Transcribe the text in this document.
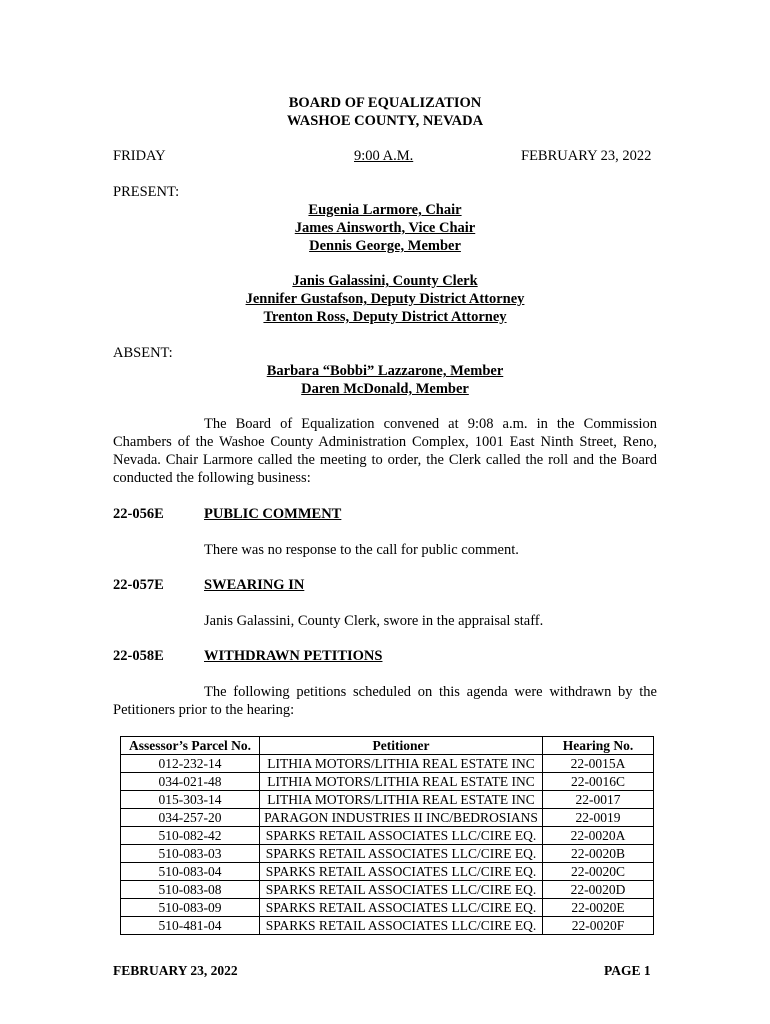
BOARD OF EQUALIZATION
WASHOE COUNTY, NEVADA
FRIDAY	9:00 A.M.	FEBRUARY 23, 2022
PRESENT:
Eugenia Larmore, Chair
James Ainsworth, Vice Chair
Dennis George, Member
Janis Galassini, County Clerk
Jennifer Gustafson, Deputy District Attorney
Trenton Ross, Deputy District Attorney
ABSENT:
Barbara “Bobbi” Lazzarone, Member
Daren McDonald, Member
The Board of Equalization convened at 9:08 a.m. in the Commission Chambers of the Washoe County Administration Complex, 1001 East Ninth Street, Reno, Nevada. Chair Larmore called the meeting to order, the Clerk called the roll and the Board conducted the following business:
22-056E	PUBLIC COMMENT
There was no response to the call for public comment.
22-057E	SWEARING IN
Janis Galassini, County Clerk, swore in the appraisal staff.
22-058E	WITHDRAWN PETITIONS
The following petitions scheduled on this agenda were withdrawn by the Petitioners prior to the hearing:
Assessor’s Parcel No.	Petitioner	Hearing No.
012-232-14	LITHIA MOTORS/LITHIA REAL ESTATE INC	22-0015A
034-021-48	LITHIA MOTORS/LITHIA REAL ESTATE INC	22-0016C
015-303-14	LITHIA MOTORS/LITHIA REAL ESTATE INC	22-0017
034-257-20	PARAGON INDUSTRIES II INC/BEDROSIANS	22-0019
510-082-42	SPARKS RETAIL ASSOCIATES LLC/CIRE EQ.	22-0020A
510-083-03	SPARKS RETAIL ASSOCIATES LLC/CIRE EQ.	22-0020B
510-083-04	SPARKS RETAIL ASSOCIATES LLC/CIRE EQ.	22-0020C
510-083-08	SPARKS RETAIL ASSOCIATES LLC/CIRE EQ.	22-0020D
510-083-09	SPARKS RETAIL ASSOCIATES LLC/CIRE EQ.	22-0020E
510-481-04	SPARKS RETAIL ASSOCIATES LLC/CIRE EQ.	22-0020F
FEBRUARY 23, 2022	PAGE 1
